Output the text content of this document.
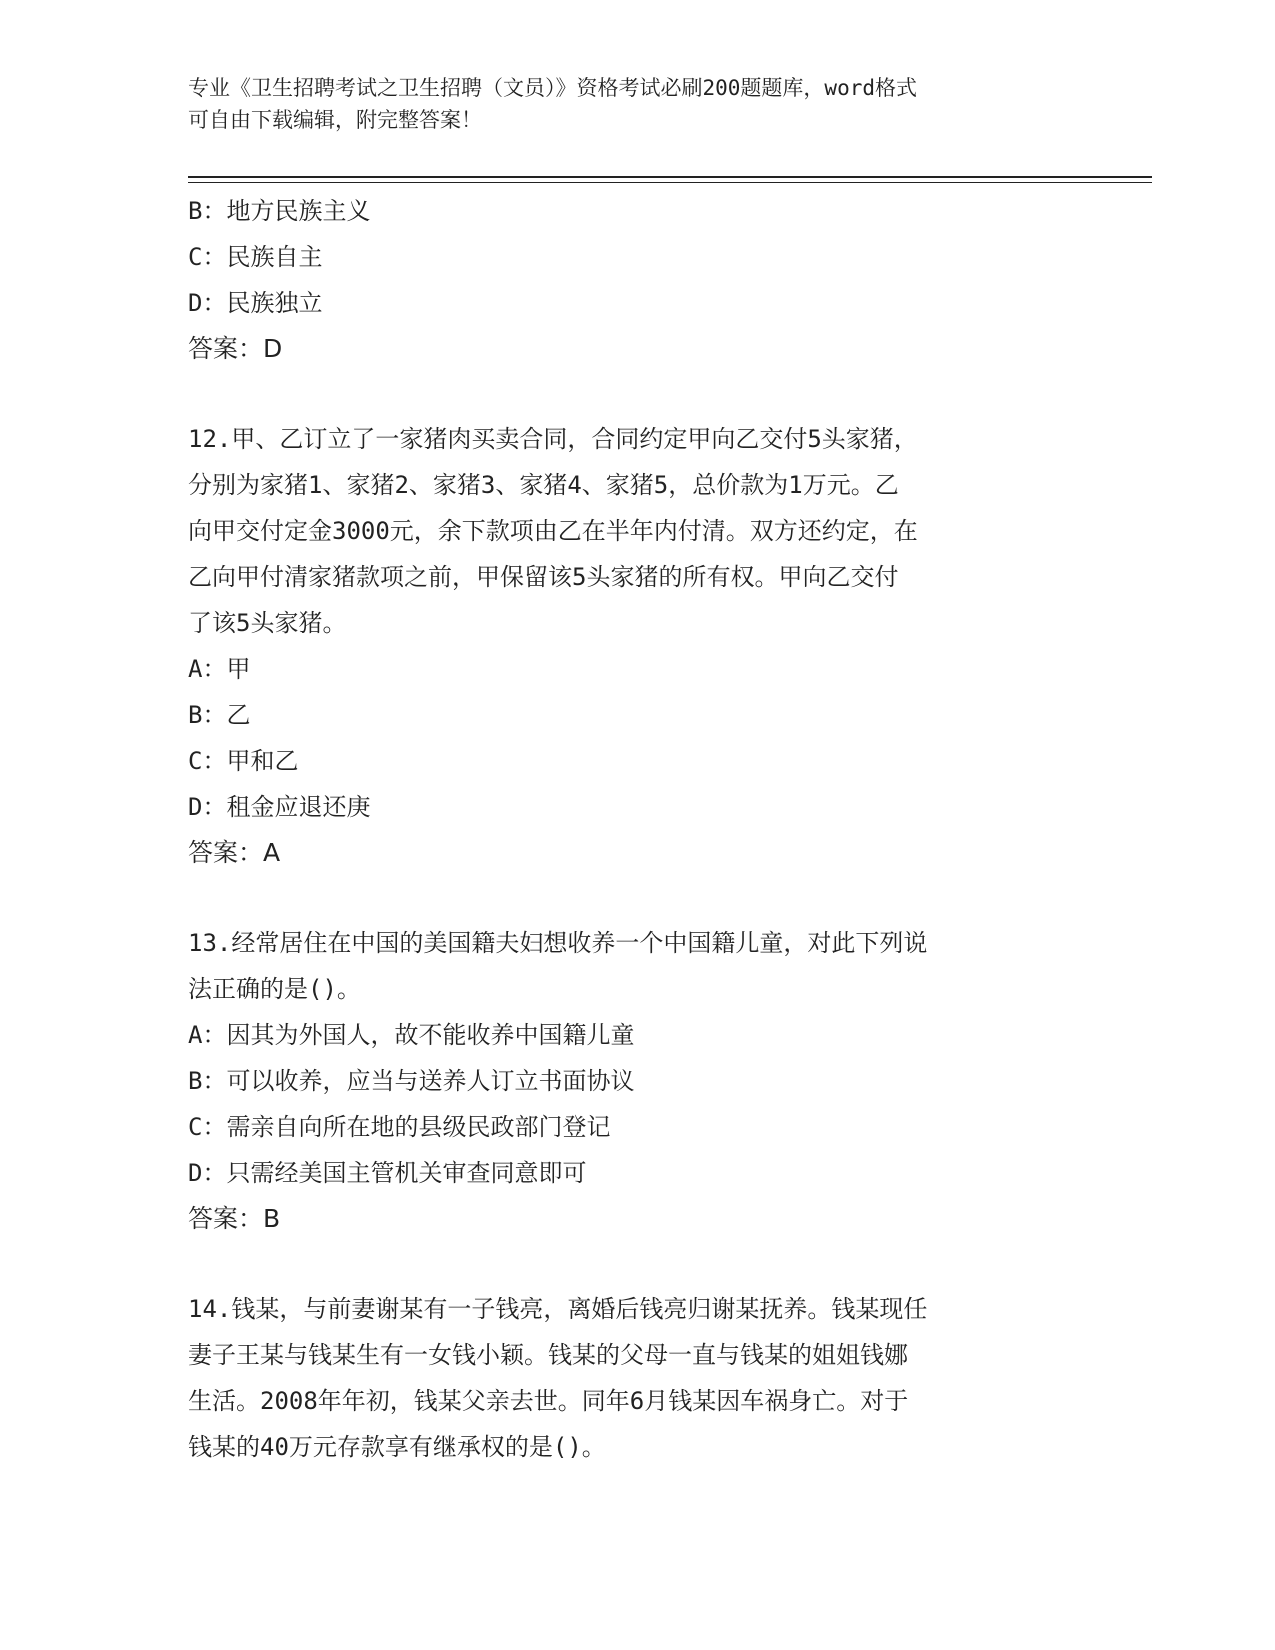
专业《卫生招聘考试之卫生招聘（文员）》资格考试必刷200题题库，word格式
可自由下载编辑，附完整答案！
B：地方民族主义
C：民族自主
D：民族独立
答案：D
12.甲、乙订立了一家猪肉买卖合同，合同约定甲向乙交付5头家猪，
分别为家猪1、家猪2、家猪3、家猪4、家猪5，总价款为1万元。乙
向甲交付定金3000元，余下款项由乙在半年内付清。双方还约定，在
乙向甲付清家猪款项之前，甲保留该5头家猪的所有权。甲向乙交付
了该5头家猪。
A：甲
B：乙
C：甲和乙
D：租金应退还庚
答案：A
13.经常居住在中国的美国籍夫妇想收养一个中国籍儿童，对此下列说
法正确的是()。
A：因其为外国人，故不能收养中国籍儿童
B：可以收养，应当与送养人订立书面协议
C：需亲自向所在地的县级民政部门登记
D：只需经美国主管机关审查同意即可
答案：B
14.钱某，与前妻谢某有一子钱亮，离婚后钱亮归谢某抚养。钱某现任
妻子王某与钱某生有一女钱小颖。钱某的父母一直与钱某的姐姐钱娜
生活。2008年年初，钱某父亲去世。同年6月钱某因车祸身亡。对于
钱某的40万元存款享有继承权的是()。
